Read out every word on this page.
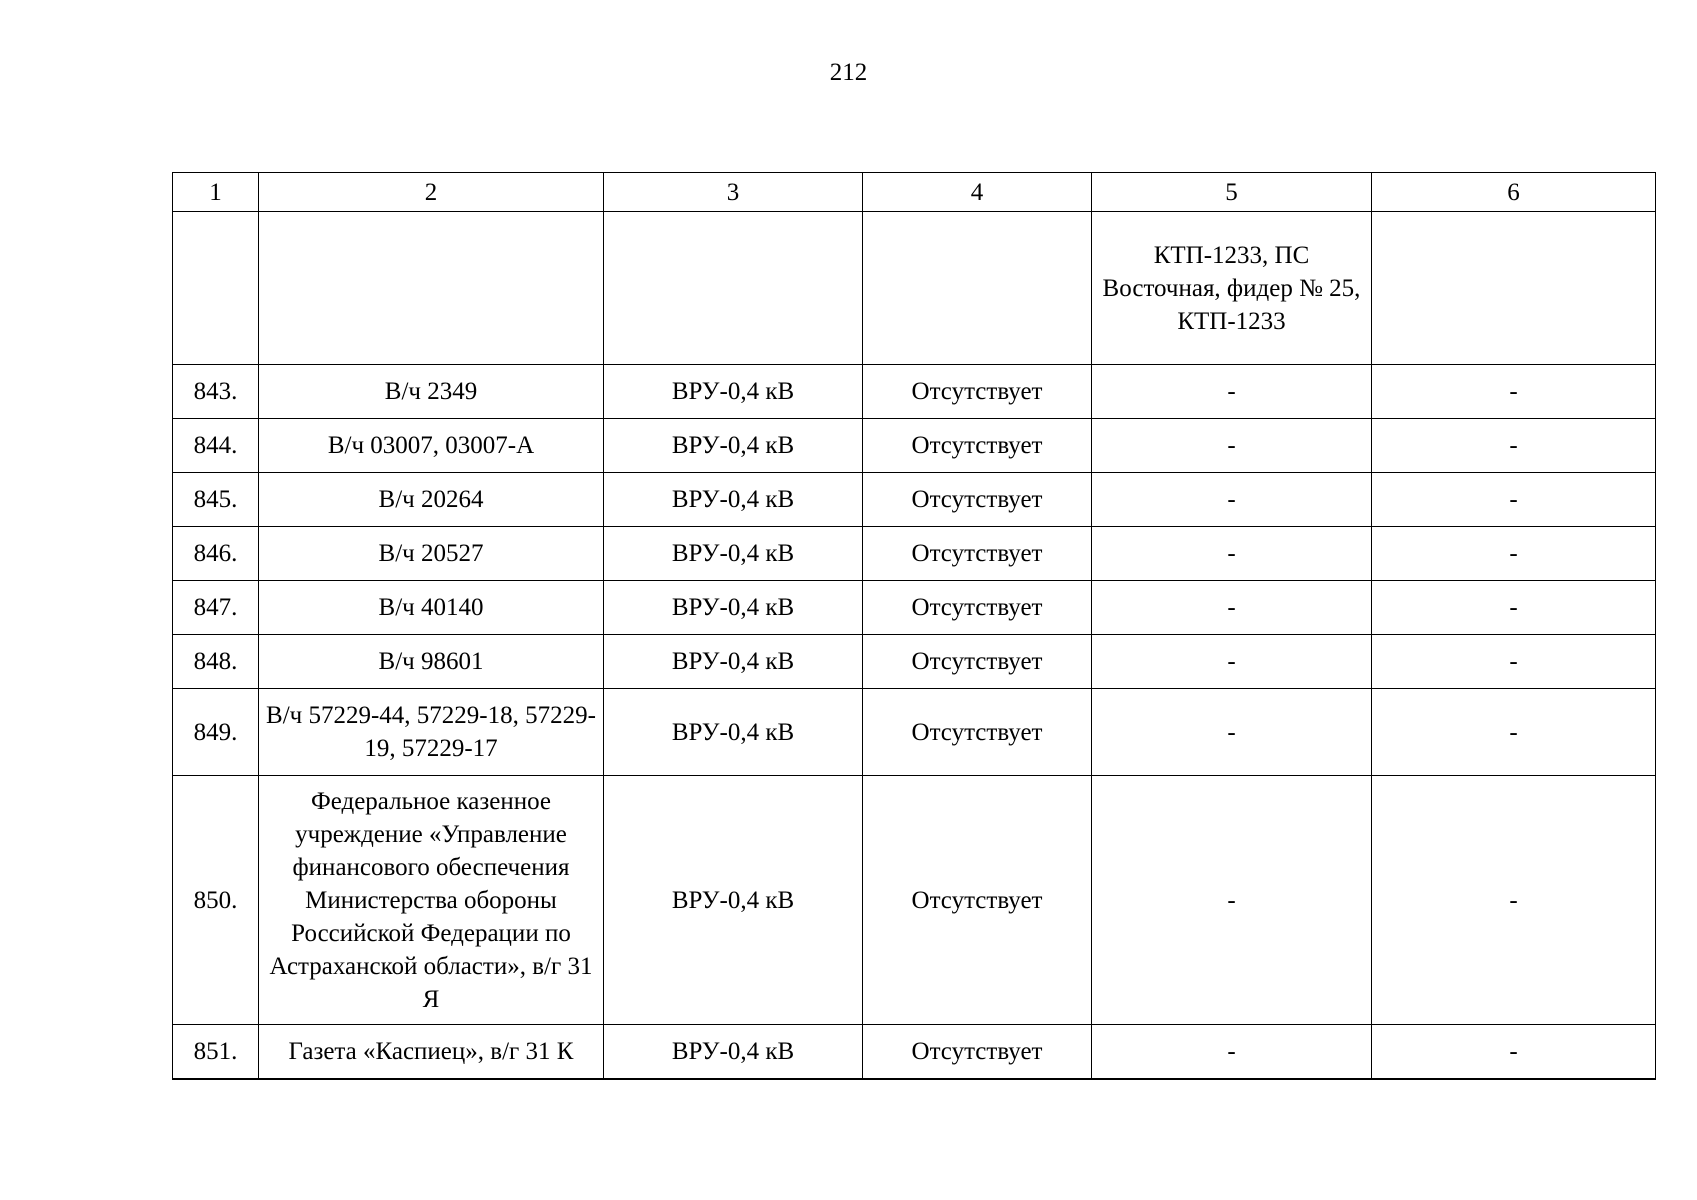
212
1	2	3	4	5	6
				КТП-1233, ПС Восточная, фидер № 25, КТП-1233	
843.	В/ч 2349	ВРУ-0,4 кВ	Отсутствует	-	-
844.	В/ч 03007, 03007-А	ВРУ-0,4 кВ	Отсутствует	-	-
845.	В/ч 20264	ВРУ-0,4 кВ	Отсутствует	-	-
846.	В/ч 20527	ВРУ-0,4 кВ	Отсутствует	-	-
847.	В/ч 40140	ВРУ-0,4 кВ	Отсутствует	-	-
848.	В/ч 98601	ВРУ-0,4 кВ	Отсутствует	-	-
849.	В/ч 57229-44, 57229-18, 57229-19, 57229-17	ВРУ-0,4 кВ	Отсутствует	-	-
850.	Федеральное казенное учреждение «Управление финансового обеспечения Министерства обороны Российской Федерации по Астраханской области», в/г 31 Я	ВРУ-0,4 кВ	Отсутствует	-	-
851.	Газета «Каспиец», в/г 31 К	ВРУ-0,4 кВ	Отсутствует	-	-
